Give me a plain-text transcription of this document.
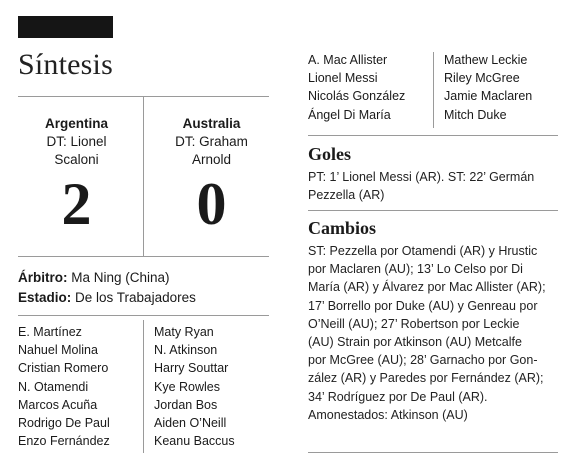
Síntesis
Argentina
DT: Lionel
Scaloni
2
Australia
DT: Graham
Arnold
0
Árbitro: Ma Ning (China)
Estadio: De los Trabajadores
E. Martínez
Nahuel Molina
Cristian Romero
N. Otamendi
Marcos Acuña
Rodrigo De Paul
Enzo Fernández
Maty Ryan
N. Atkinson
Harry Souttar
Kye Rowles
Jordan Bos
Aiden O’Neill
Keanu Baccus
A. Mac Allister
Lionel Messi
Nicolás González
Ángel Di María
Mathew Leckie
Riley McGree
Jamie Maclaren
Mitch Duke
Goles
PT: 1’ Lionel Messi (AR). ST: 22’ Germán
Pezzella (AR)
Cambios
ST: Pezzella por Otamendi (AR) y Hrustic
por Maclaren (AU); 13’ Lo Celso por Di
María (AR) y Álvarez por Mac Allister (AR);
17’ Borrello por Duke (AU) y Genreau por
O’Neill (AU); 27’ Robertson por Leckie
(AU) Strain por Atkinson (AU) Metcalfe
por McGree (AU); 28’ Garnacho por Gon-
zález (AR) y Paredes por Fernández (AR);
34’ Rodríguez por De Paul (AR).
Amonestados: Atkinson (AU)
